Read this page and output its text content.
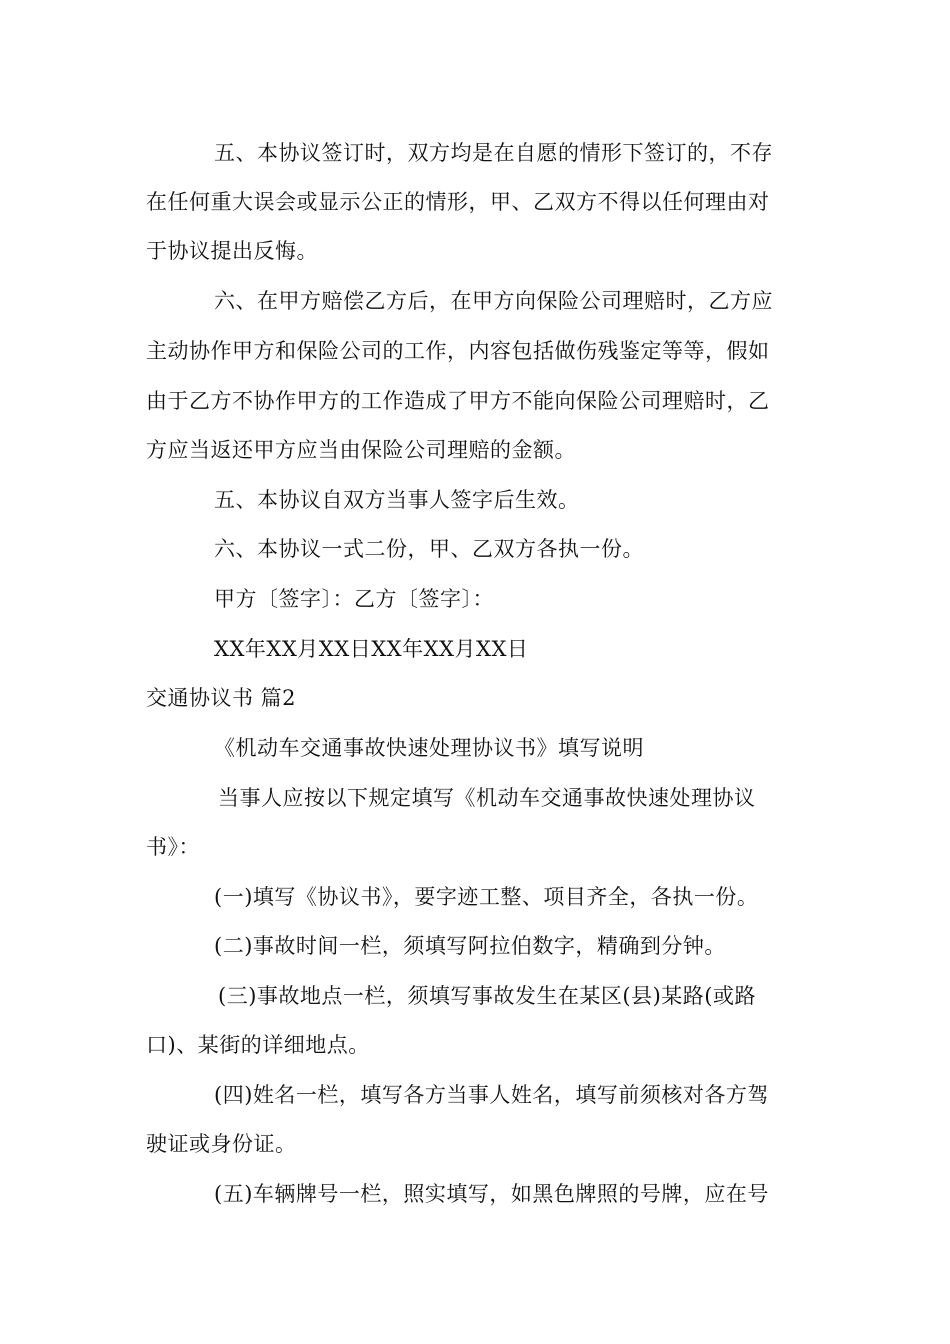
五、本协议签订时，双方均是在自愿的情形下签订的，不存

在任何重大误会或显示公正的情形，甲、乙双方不得以任何理由对

于协议提出反悔。

六、在甲方赔偿乙方后，在甲方向保险公司理赔时，乙方应

主动协作甲方和保险公司的工作，内容包括做伤残鉴定等等，假如

由于乙方不协作甲方的工作造成了甲方不能向保险公司理赔时，乙

方应当返还甲方应当由保险公司理赔的金额。

五、本协议自双方当事人签字后生效。

六、本协议一式二份，甲、乙双方各执一份。

甲方〔签字〕：乙方〔签字〕：

XX年XX月XX日XX年XX月XX日

交通协议书 篇2

《机动车交通事故快速处理协议书》填写说明

当事人应按以下规定填写《机动车交通事故快速处理协议

书》：

(一)填写《协议书》，要字迹工整、项目齐全，各执一份。

(二)事故时间一栏，须填写阿拉伯数字，精确到分钟。

(三)事故地点一栏，须填写事故发生在某区(县)某路(或路

口)、某街的详细地点。

(四)姓名一栏，填写各方当事人姓名，填写前须核对各方驾

驶证或身份证。

(五)车辆牌号一栏，照实填写，如黑色牌照的号牌，应在号
